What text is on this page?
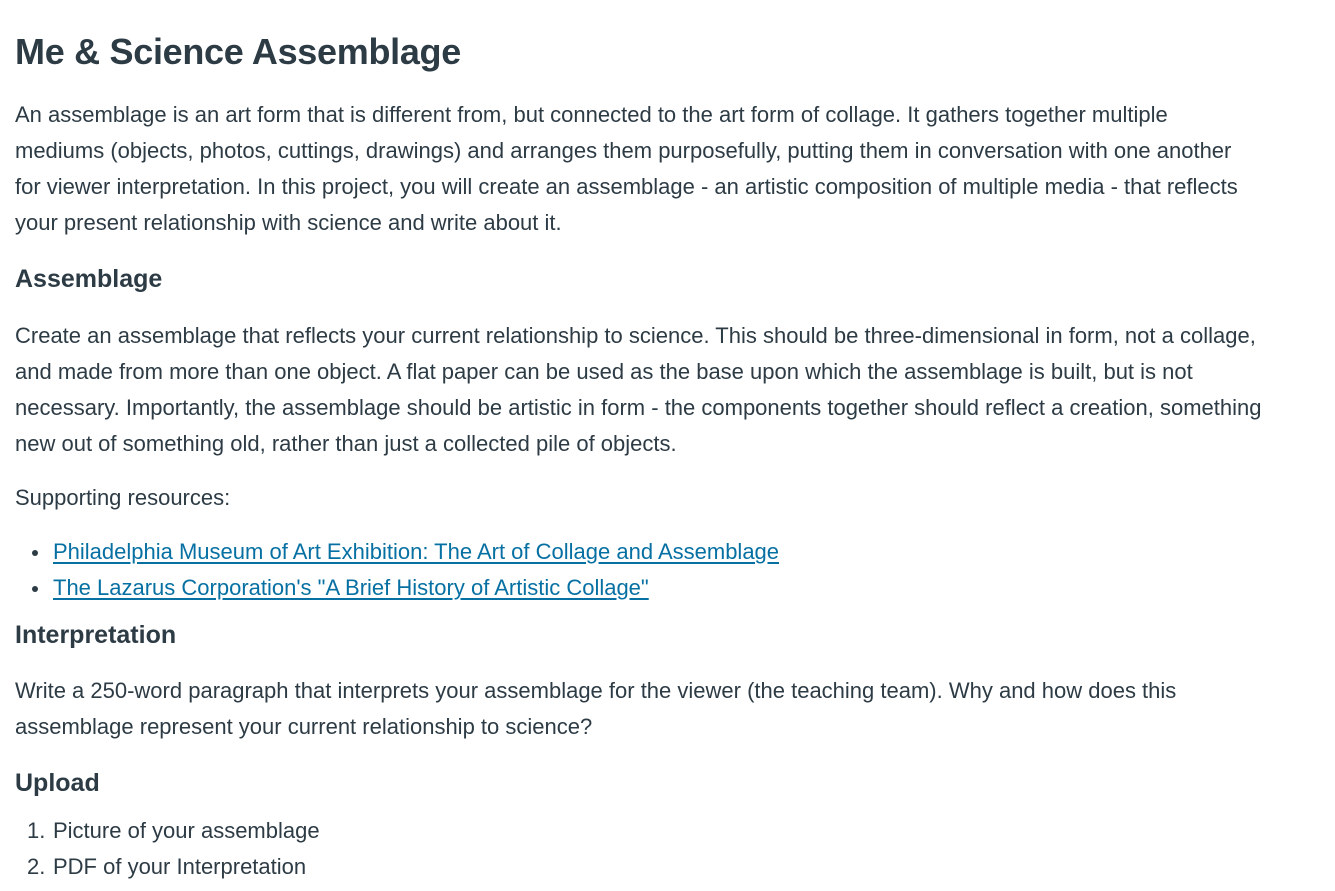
Me & Science Assemblage

An assemblage is an art form that is different from, but connected to the art form of collage. It gathers together multiple mediums (objects, photos, cuttings, drawings) and arranges them purposefully, putting them in conversation with one another for viewer interpretation. In this project, you will create an assemblage - an artistic composition of multiple media - that reflects your present relationship with science and write about it.

Assemblage

Create an assemblage that reflects your current relationship to science. This should be three-dimensional in form, not a collage, and made from more than one object. A flat paper can be used as the base upon which the assemblage is built, but is not necessary. Importantly, the assemblage should be artistic in form - the components together should reflect a creation, something new out of something old, rather than just a collected pile of objects.

Supporting resources:

Philadelphia Museum of Art Exhibition: The Art of Collage and Assemblage
The Lazarus Corporation's "A Brief History of Artistic Collage"
Interpretation

Write a 250-word paragraph that interprets your assemblage for the viewer (the teaching team). Why and how does this assemblage represent your current relationship to science?

Upload
1. Picture of your assemblage
2. PDF of your Interpretation
